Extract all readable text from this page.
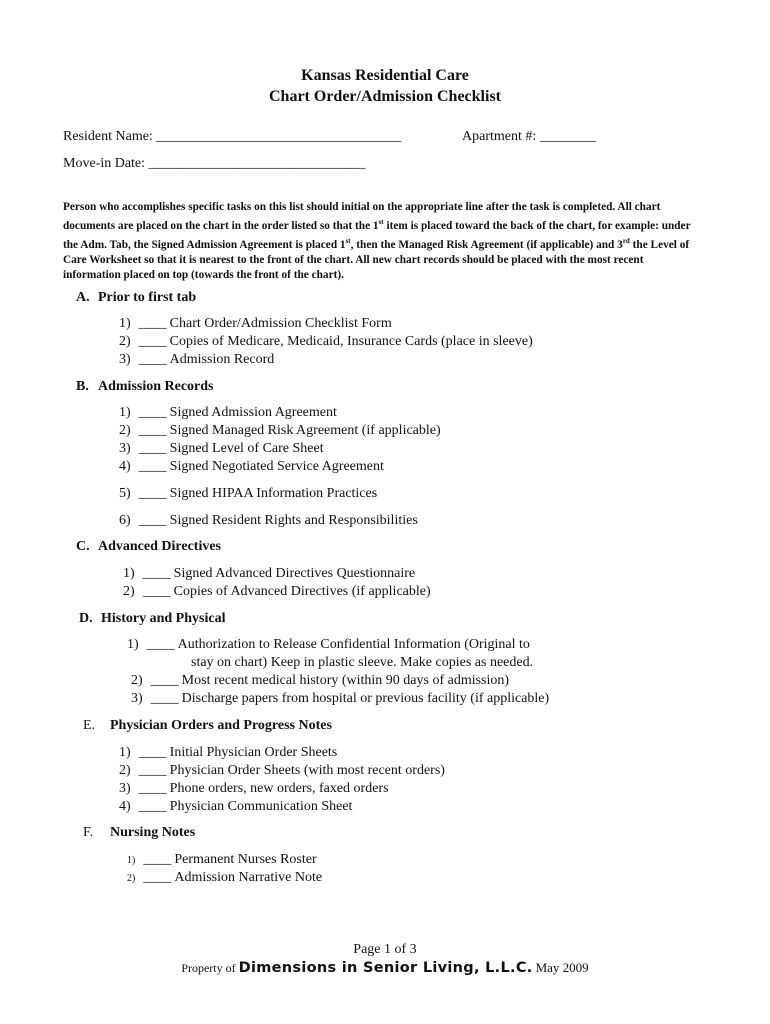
Kansas Residential Care
Chart Order/Admission Checklist
Resident Name: ___________________________________	Apartment #: ________
Move-in Date: _______________________________
Person who accomplishes specific tasks on this list should initial on the appropriate line after the task is completed. All chart documents are placed on the chart in the order listed so that the 1st item is placed toward the back of the chart, for example: under the Adm. Tab, the Signed Admission Agreement is placed 1st, then the Managed Risk Agreement (if applicable) and 3rd the Level of Care Worksheet so that it is nearest to the front of the chart. All new chart records should be placed with the most recent information placed on top (towards the front of the chart).
A. Prior to first tab
1) ____ Chart Order/Admission Checklist Form
2) ____ Copies of Medicare, Medicaid, Insurance Cards (place in sleeve)
3) ____ Admission Record
B. Admission Records
1) ____ Signed Admission Agreement
2) ____ Signed Managed Risk Agreement (if applicable)
3) ____ Signed Level of Care Sheet
4) ____ Signed Negotiated Service Agreement
5) ____ Signed HIPAA Information Practices
6) ____ Signed Resident Rights and Responsibilities
C. Advanced Directives
1) ____ Signed Advanced Directives Questionnaire
2) ____ Copies of Advanced Directives (if applicable)
D. History and Physical
1) ____ Authorization to Release Confidential Information (Original to
stay on chart) Keep in plastic sleeve. Make copies as needed.
2) ____ Most recent medical history (within 90 days of admission)
3) ____ Discharge papers from hospital or previous facility (if applicable)
E. Physician Orders and Progress Notes
1) ____ Initial Physician Order Sheets
2) ____ Physician Order Sheets (with most recent orders)
3) ____ Phone orders, new orders, faxed orders
4) ____ Physician Communication Sheet
F. Nursing Notes
1) ____ Permanent Nurses Roster
2) ____ Admission Narrative Note
Page 1 of 3
Property of Dimensions in Senior Living, L.L.C. May 2009
